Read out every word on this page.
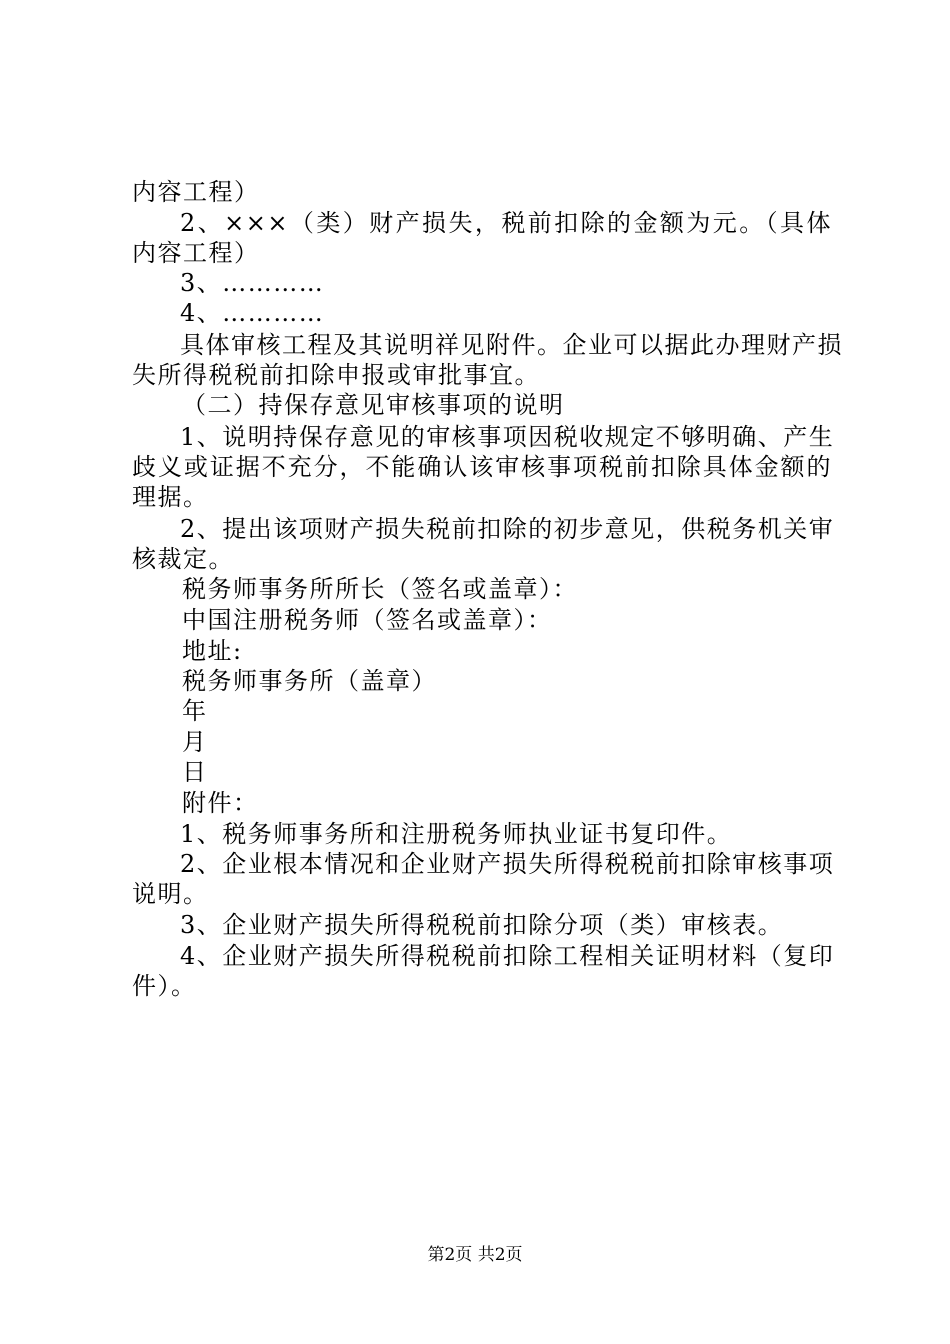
内容工程）
2、×××（类）财产损失，税前扣除的金额为元。（具体
内容工程）
3、…………
4、…………
具体审核工程及其说明祥见附件。企业可以据此办理财产损
失所得税税前扣除申报或审批事宜。
（二）持保存意见审核事项的说明
1、说明持保存意见的审核事项因税收规定不够明确、产生
歧义或证据不充分，不能确认该审核事项税前扣除具体金额的
理据。
2、提出该项财产损失税前扣除的初步意见，供税务机关审
核裁定。
税务师事务所所长（签名或盖章）：
中国注册税务师（签名或盖章）：
地址:
税务师事务所（盖章）
年
月
日
附件：
1、税务师事务所和注册税务师执业证书复印件。
2、企业根本情况和企业财产损失所得税税前扣除审核事项
说明。
3、企业财产损失所得税税前扣除分项（类）审核表。
4、企业财产损失所得税税前扣除工程相关证明材料（复印
件）。
第2页 共2页
